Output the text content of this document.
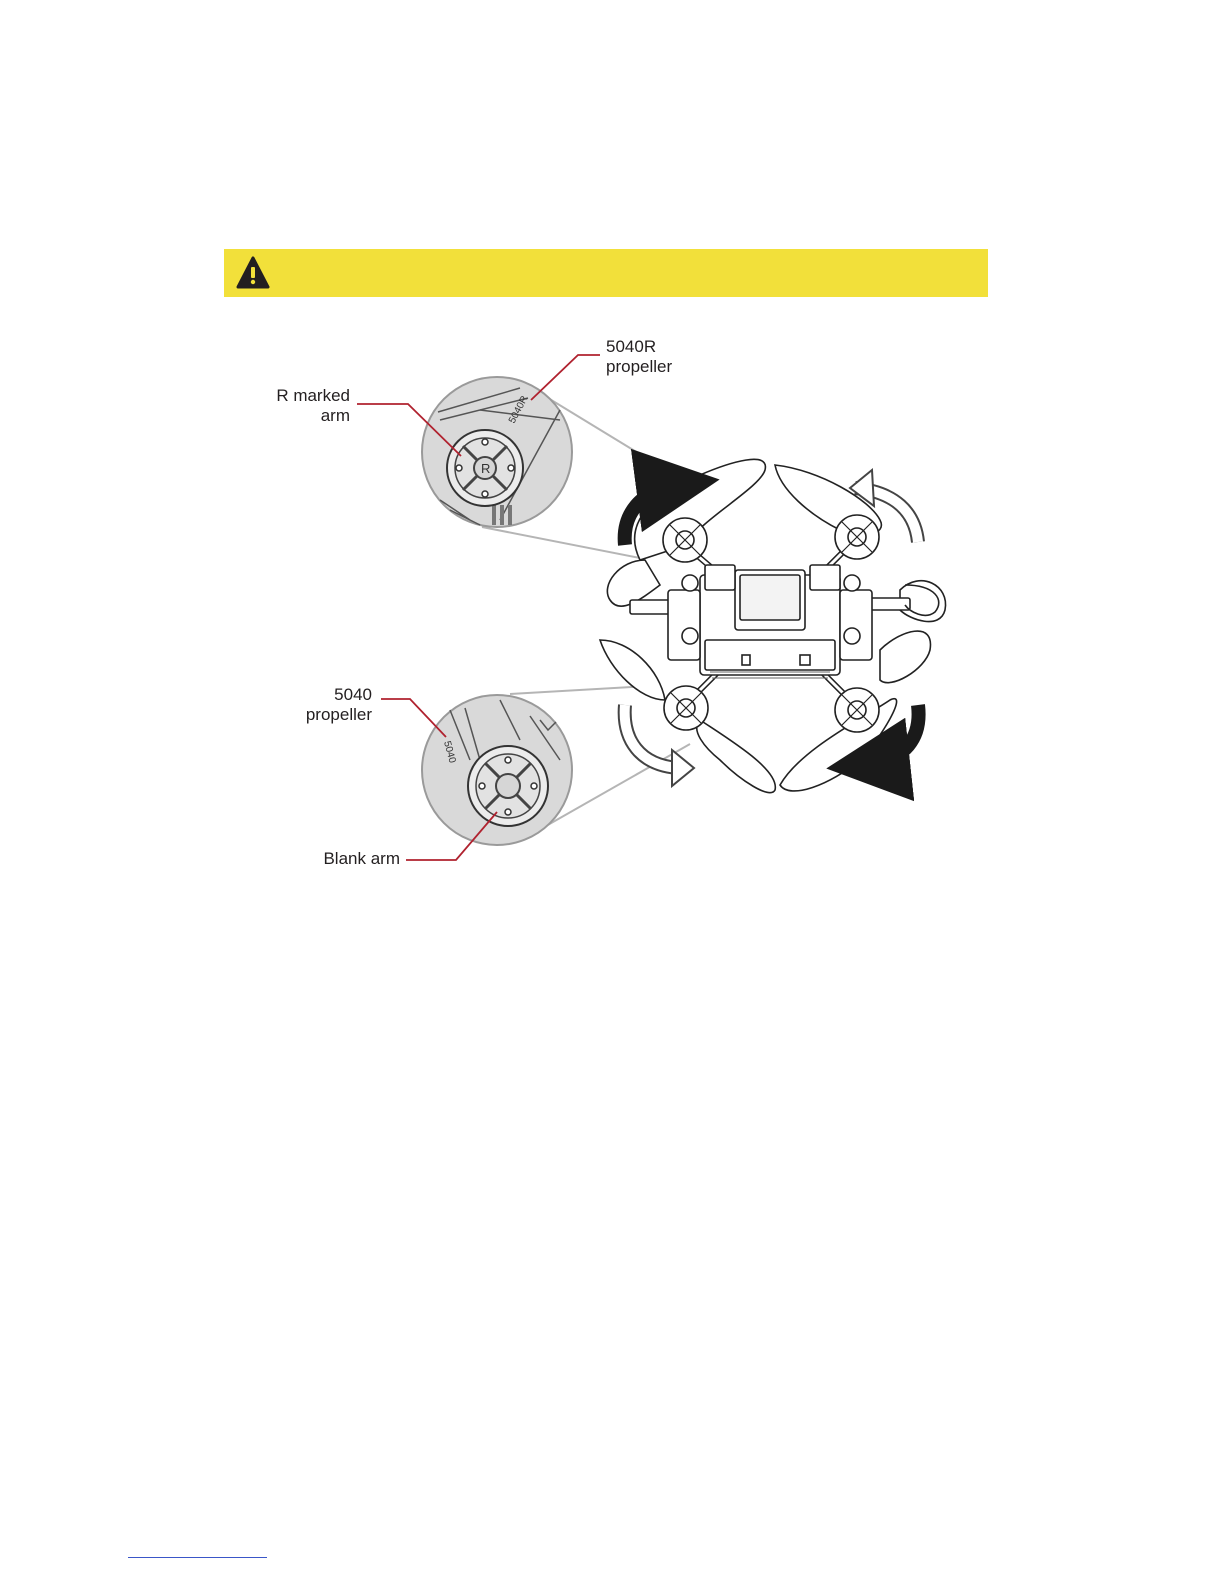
R
5040R
5040
R marked
arm
5040R
propeller
5040
propeller
Blank arm
